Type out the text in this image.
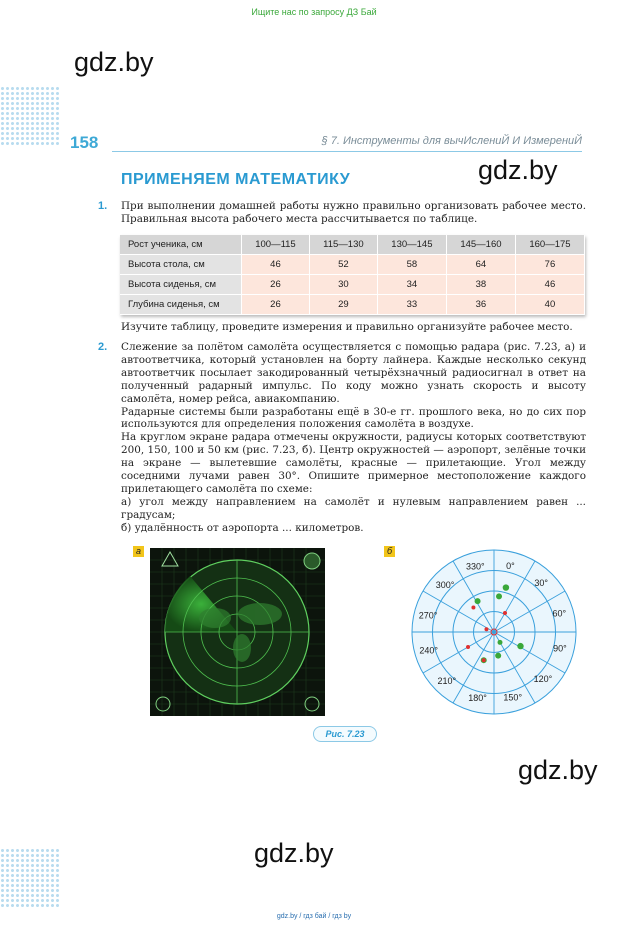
Ищите нас по запросу ДЗ Бай
gdz.by
gdz.by
gdz.by
gdz.by
158	§ 7. Инструменты для вычИслениЙ И ИзмерениЙ
ПРИМЕНЯЕМ МАТЕМАТИКУ
1. При выполнении домашней работы нужно правильно организовать рабочее место. Правильная высота рабочего места рассчитывается по таблице.

Рост ученика, см	100—115	115—130	130—145	145—160	160—175
Высота стола, см	46	52	58	64	76
Высота сиденья, см	26	30	34	38	46
Глубина сиденья, см	26	29	33	36	40

Изучите таблицу, проведите измерения и правильно организуйте рабочее место.

2. Слежение за полётом самолёта осуществляется с помощью радара (рис. 7.23, а) и автоответчика, который установлен на борту лайнера. Каждые несколько секунд автоответчик посылает закодированный четырёхзначный радиосигнал в ответ на полученный радарный импульс. По коду можно узнать скорость и высоту самолёта, номер рейса, авиакомпанию.

Радарные системы были разработаны ещё в 30-е гг. прошлого века, но до сих пор используются для определения положения самолёта в воздухе.

На круглом экране радара отмечены окружности, радиусы которых соответствуют 200, 150, 100 и 50 км (рис. 7.23, б). Центр окружностей — аэропорт, зелёные точки на экране — вылетевшие самолёты, красные — прилетающие. Угол между соседними лучами равен 30°. Опишите примерное местоположение каждого прилетающего самолёта по схеме:

а) угол между направлением на самолёт и нулевым направлением равен ... градусам;

б) удалённость от аэропорта ... километров.

а	б
0°
30°
60°
90°
120°
150°
180°
210°
240°
270°
300°
330°
Рис. 7.23
gdz.by / гдз бай / гдз by
